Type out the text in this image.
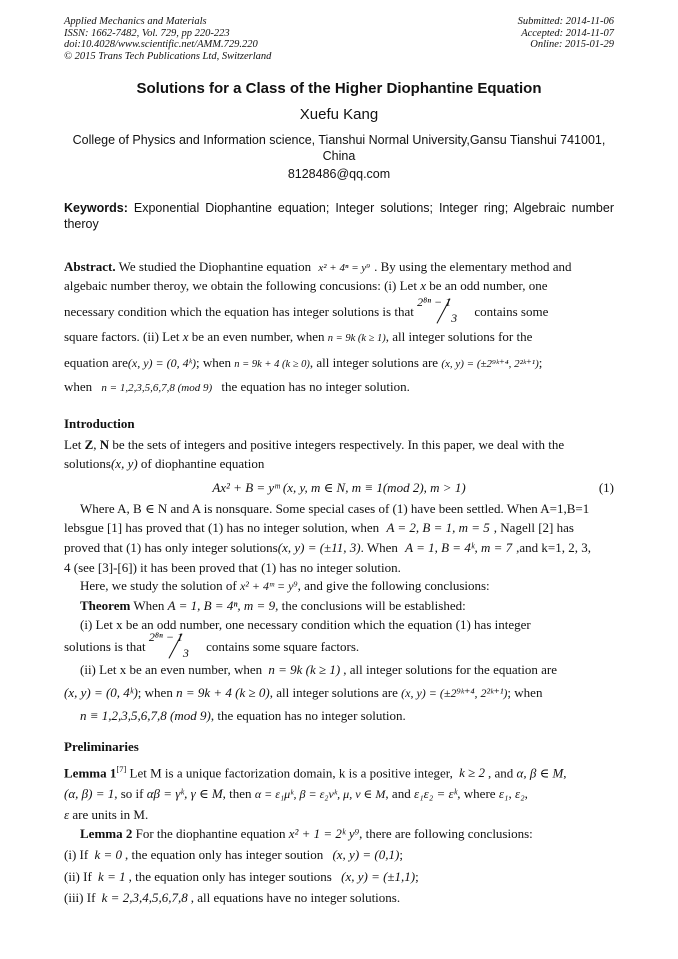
Applied Mechanics and Materials
ISSN: 1662-7482, Vol. 729, pp 220-223
doi:10.4028/www.scientific.net/AMM.729.220
© 2015 Trans Tech Publications Ltd, Switzerland
Submitted: 2014-11-06
Accepted: 2014-11-07
Online: 2015-01-29
Solutions for a Class of the Higher Diophantine Equation
Xuefu Kang
College of Physics and Information science, Tianshui Normal University,Gansu Tianshui 741001, China
8128486@qq.com
Keywords: Exponential Diophantine equation; Integer solutions; Integer ring; Algebraic number theroy
Abstract. We studied the Diophantine equation x² + 4ⁿ = y⁹ . By using the elementary method and
algebaic number theroy, we obtain the following concusions: (i) Let x be an odd number, one
necessary condition which the equation has integer solutions is that
2⁸ⁿ − 1
3 contains some
square factors. (ii) Let x be an even number, when n = 9k (k ≥ 1), all integer solutions for the
equation are(x, y) = (0, 4ᵏ); when n = 9k + 4 (k ≥ 0), all integer solutions are (x, y) = (±2⁹ᵏ⁺⁴, 2²ᵏ⁺¹);
when n = 1,2,3,5,6,7,8 (mod 9) the equation has no integer solution.
Introduction
Let Z, N be the sets of integers and positive integers respectively. In this paper, we deal with the
solutions(x, y) of diophantine equation
Ax² + B = yᵐ (x, y, m ∈ N, m ≡ 1(mod 2), m > 1)	(1)
Where A, B ∈ N and A is nonsquare. Some special cases of (1) have been settled. When A=1,B=1
lebsgue [1] has proved that (1) has no integer solution, when A = 2, B = 1, m = 5 , Nagell [2] has
proved that (1) has only integer solutions(x, y) = (±11, 3). When A = 1, B = 4ᵏ, m = 7 ,and k=1, 2, 3,
4 (see [3]-[6]) it has been proved that (1) has no integer solution.
Here, we study the solution of x² + 4ᵐ = y⁹, and give the following conclusions:
Theorem When A = 1, B = 4ⁿ, m = 9, the conclusions will be established:
(i) Let x be an odd number, one necessary condition which the equation (1) has integer
solutions is that
2⁸ⁿ − 1
3 contains some square factors.
(ii) Let x be an even number, when n = 9k (k ≥ 1) , all integer solutions for the equation are
(x, y) = (0, 4ᵏ); when n = 9k + 4 (k ≥ 0), all integer solutions are (x, y) = (±2⁹ᵏ⁺⁴, 2²ᵏ⁺¹); when
n ≡ 1,2,3,5,6,7,8 (mod 9), the equation has no integer solution.
Preliminaries
Lemma 1[7] Let M is a unique factorization domain, k is a positive integer, k ≥ 2 , and α, β ∈ M,
(α, β) = 1, so if αβ = γᵏ, γ ∈ M, then α = ε₁μᵏ, β = ε₂νᵏ, μ, ν ∈ M, and ε₁ε₂ = εᵏ, where ε₁, ε₂,
ε are units in M.
Lemma 2 For the diophantine equation x² + 1 = 2ᵏ y⁹, there are following conclusions:
(i) If k = 0 , the equation only has integer soution (x, y) = (0,1);
(ii) If k = 1 , the equation only has integer soutions (x, y) = (±1,1);
(iii) If k = 2,3,4,5,6,7,8 , all equations have no integer solutions.
